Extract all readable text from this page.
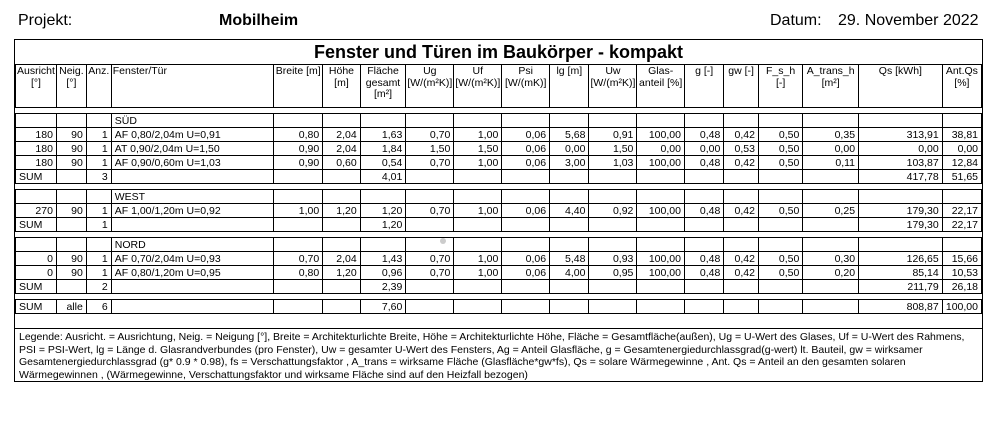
Projekt:	Mobilheim	Datum: 29. November 2022
Fenster und Türen im Baukörper - kompakt
Ausricht [°]	Neig. [°]	Anz.	Fenster/Tür	Breite [m]	Höhe [m]	Fläche gesamt [m²]	Ug [W/(m²K)]	Uf [W/(m²K)]	Psi [W/(mK)]	lg [m]	Uw [W/(m²K)]	Glas-anteil [%]	g [-]	gw [-]	F_s_h [-]	A_trans_h [m²]	Qs [kWh]	Ant.Qs [%]

			SÜD															
180	90	1	AF 0,80/2,04m U=0,91	0,80	2,04	1,63	0,70	1,00	0,06	5,68	0,91	100,00	0,48	0,42	0,50	0,35	313,91	38,81
180	90	1	AT 0,90/2,04m U=1,50	0,90	2,04	1,84	1,50	1,50	0,06	0,00	1,50	0,00	0,00	0,53	0,50	0,00	0,00	0,00
180	90	1	AF 0,90/0,60m U=1,03	0,90	0,60	0,54	0,70	1,00	0,06	3,00	1,03	100,00	0,48	0,42	0,50	0,11	103,87	12,84
SUM		3				4,01											417,78	51,65

			WEST															
270	90	1	AF 1,00/1,20m U=0,92	1,00	1,20	1,20	0,70	1,00	0,06	4,40	0,92	100,00	0,48	0,42	0,50	0,25	179,30	22,17
SUM		1				1,20											179,30	22,17

			NORD															
0	90	1	AF 0,70/2,04m U=0,93	0,70	2,04	1,43	0,70	1,00	0,06	5,48	0,93	100,00	0,48	0,42	0,50	0,30	126,65	15,66
0	90	1	AF 0,80/1,20m U=0,95	0,80	1,20	0,96	0,70	1,00	0,06	4,00	0,95	100,00	0,48	0,42	0,50	0,20	85,14	10,53
SUM		2				2,39											211,79	26,18

SUM	alle	6				7,60											808,87	100,00
Legende: Ausricht. = Ausrichtung, Neig. = Neigung [°], Breite = Architekturlichte Breite, Höhe = Architekturlichte Höhe, Fläche = Gesamtfläche(außen), Ug = U-Wert des Glases, Uf = U-Wert des Rahmens, PSI = PSI-Wert, lg = Länge d. Glasrandverbundes (pro Fenster), Uw = gesamter U-Wert des Fensters, Ag = Anteil Glasfläche, g = Gesamtenergiedurchlassgrad(g-wert) lt. Bauteil, gw = wirksamer Gesamtenergiedurchlassgrad (g* 0.9 * 0.98), fs = Verschattungsfaktor , A_trans = wirksame Fläche (Glasfläche*gw*fs), Qs = solare Wärmegewinne , Ant. Qs = Anteil an den gesamten solaren Wärmegewinnen , (Wärmegewinne, Verschattungsfaktor und wirksame Fläche sind auf den Heizfall bezogen)
